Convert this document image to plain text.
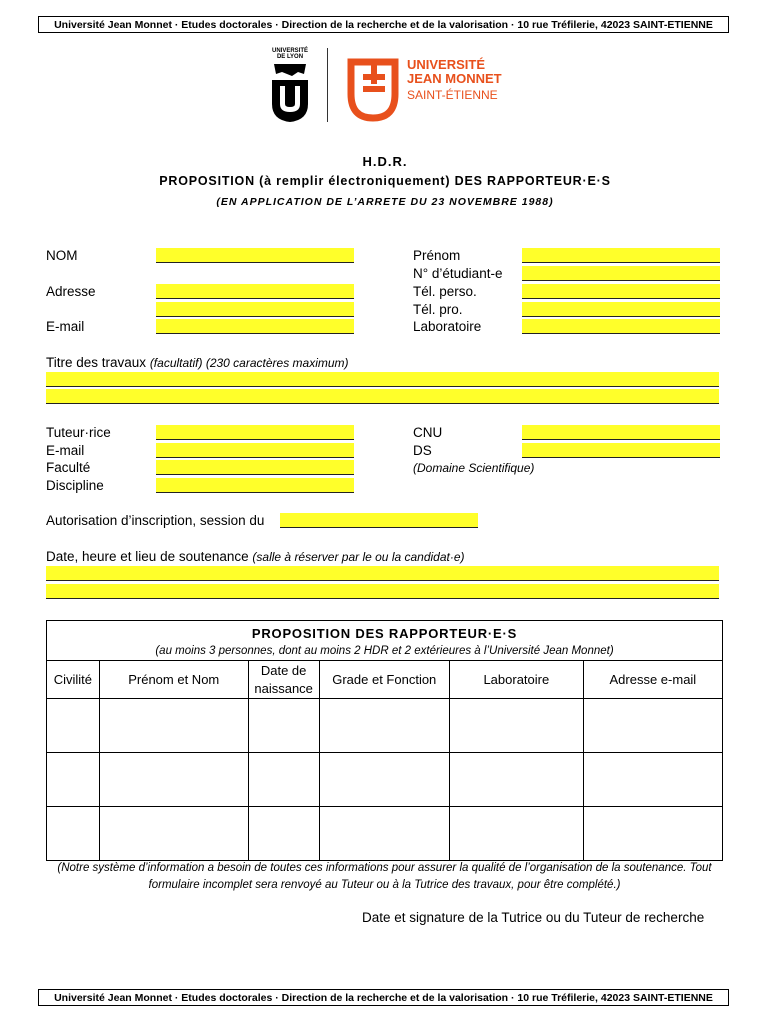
Université Jean Monnet · Etudes doctorales · Direction de la recherche et de la valorisation · 10 rue Tréfilerie, 42023 SAINT-ETIENNE
UNIVERSITÉ
DE LYON	UNIVERSITÉ
JEAN MONNET
SAINT-ÉTIENNE
H.D.R.
PROPOSITION (à remplir électroniquement) DES RAPPORTEUR·E·S
(EN APPLICATION DE L’ARRETE DU 23 NOVEMBRE 1988)
NOM
Adresse
E-mail
Prénom
N° d’étudiant-e
Tél. perso.
Tél. pro.
Laboratoire
Titre des travaux (facultatif) (230 caractères maximum)
Tuteur·rice
E-mail
Faculté
Discipline
CNU
DS
(Domaine Scientifique)
Autorisation d’inscription, session du
Date, heure et lieu de soutenance (salle à réserver par le ou la candidat·e)
PROPOSITION DES RAPPORTEUR·E·S					
(au moins 3 personnes, dont au moins 2 HDR et 2 extérieures à l’Université Jean Monnet)					
Civilité	Prénom et Nom	Date de naissance	Grade et Fonction	Laboratoire	Adresse e-mail

(Notre système d’information a besoin de toutes ces informations pour assurer la qualité de l’organisation de la soutenance. Tout formulaire incomplet sera renvoyé au Tuteur ou à la Tutrice des travaux, pour être complété.)
Date et signature de la Tutrice ou du Tuteur de recherche
Université Jean Monnet · Etudes doctorales · Direction de la recherche et de la valorisation · 10 rue Tréfilerie, 42023 SAINT-ETIENNE
